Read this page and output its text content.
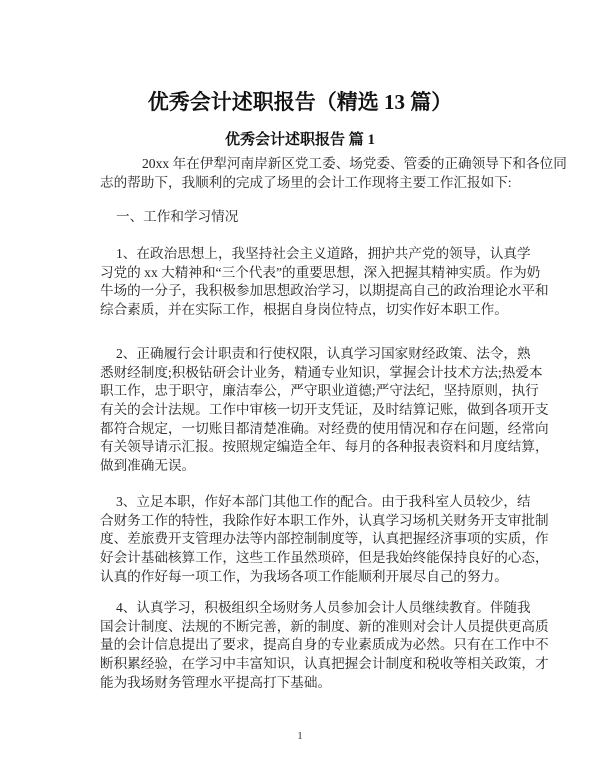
优秀会计述职报告（精选 13 篇）
优秀会计述职报告 篇 1
20xx 年在伊犁河南岸新区党工委、场党委、管委的正确领导下和各位同
志的帮助下，我顺利的完成了场里的会计工作现将主要工作汇报如下:
一、工作和学习情况
1、在政治思想上，我坚持社会主义道路，拥护共产党的领导，认真学
习党的 xx 大精神和“三个代表”的重要思想，深入把握其精神实质。作为奶
牛场的一分子，我积极参加思想政治学习，以期提高自己的政治理论水平和
综合素质，并在实际工作，根据自身岗位特点，切实作好本职工作。
2、正确履行会计职责和行使权限，认真学习国家财经政策、法令，熟
悉财经制度;积极钻研会计业务，精通专业知识，掌握会计技术方法;热爱本
职工作，忠于职守，廉洁奉公，严守职业道德;严守法纪，坚持原则，执行
有关的会计法规。工作中审核一切开支凭证，及时结算记账，做到各项开支
都符合规定，一切账目都清楚准确。对经费的使用情况和存在问题，经常向
有关领导请示汇报。按照规定编造全年、每月的各种报表资料和月度结算，
做到准确无误。
3、立足本职，作好本部门其他工作的配合。由于我科室人员较少，结
合财务工作的特性，我除作好本职工作外，认真学习场机关财务开支审批制
度、差旅费开支管理办法等内部控制制度等，认真把握经济事项的实质，作
好会计基础核算工作，这些工作虽然琐碎，但是我始终能保持良好的心态，
认真的作好每一项工作，为我场各项工作能顺利开展尽自己的努力。
4、认真学习，积极组织全场财务人员参加会计人员继续教育。伴随我
国会计制度、法规的不断完善，新的制度、新的准则对会计人员提供更高质
量的会计信息提出了要求，提高自身的专业素质成为必然。只有在工作中不
断积累经验，在学习中丰富知识，认真把握会计制度和税收等相关政策，才
能为我场财务管理水平提高打下基础。
1
